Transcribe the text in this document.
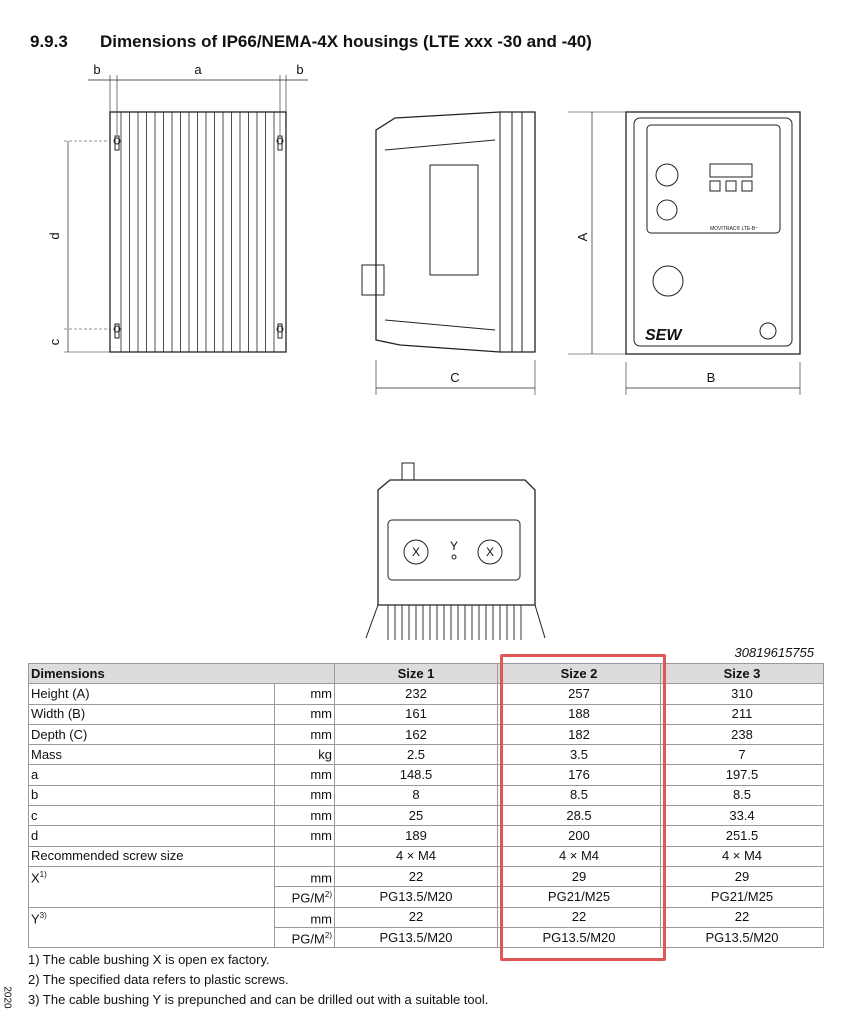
9.9.3 Dimensions of IP66/NEMA-4X housings (LTE xxx -30 and -40)
b	a	b
d
c
C
A
B
X Y X
SEW
MOVITRAC® LTE-B⁺
30819615755
Dimensions		Size 1	Size 2	Size 3
Height (A)	mm	232	257	310
Width (B)	mm	161	188	211
Depth (C)	mm	162	182	238
Mass	kg	2.5	3.5	7
a	mm	148.5	176	197.5
b	mm	8	8.5	8.5
c	mm	25	28.5	33.4
d	mm	189	200	251.5
Recommended screw size		4 × M4	4 × M4	4 × M4
$X^{1)}$	mm	22	29	29
	$PG/M^{2)}$	PG13.5/M20	PG21/M25	PG21/M25
$Y^{3)}$	mm	22	22	22
	$PG/M^{2)}$	PG13.5/M20	PG13.5/M20	PG13.5/M20
1) The cable bushing X is open ex factory.
2) The specified data refers to plastic screws.
3) The cable bushing Y is prepunched and can be drilled out with a suitable tool.
2020
